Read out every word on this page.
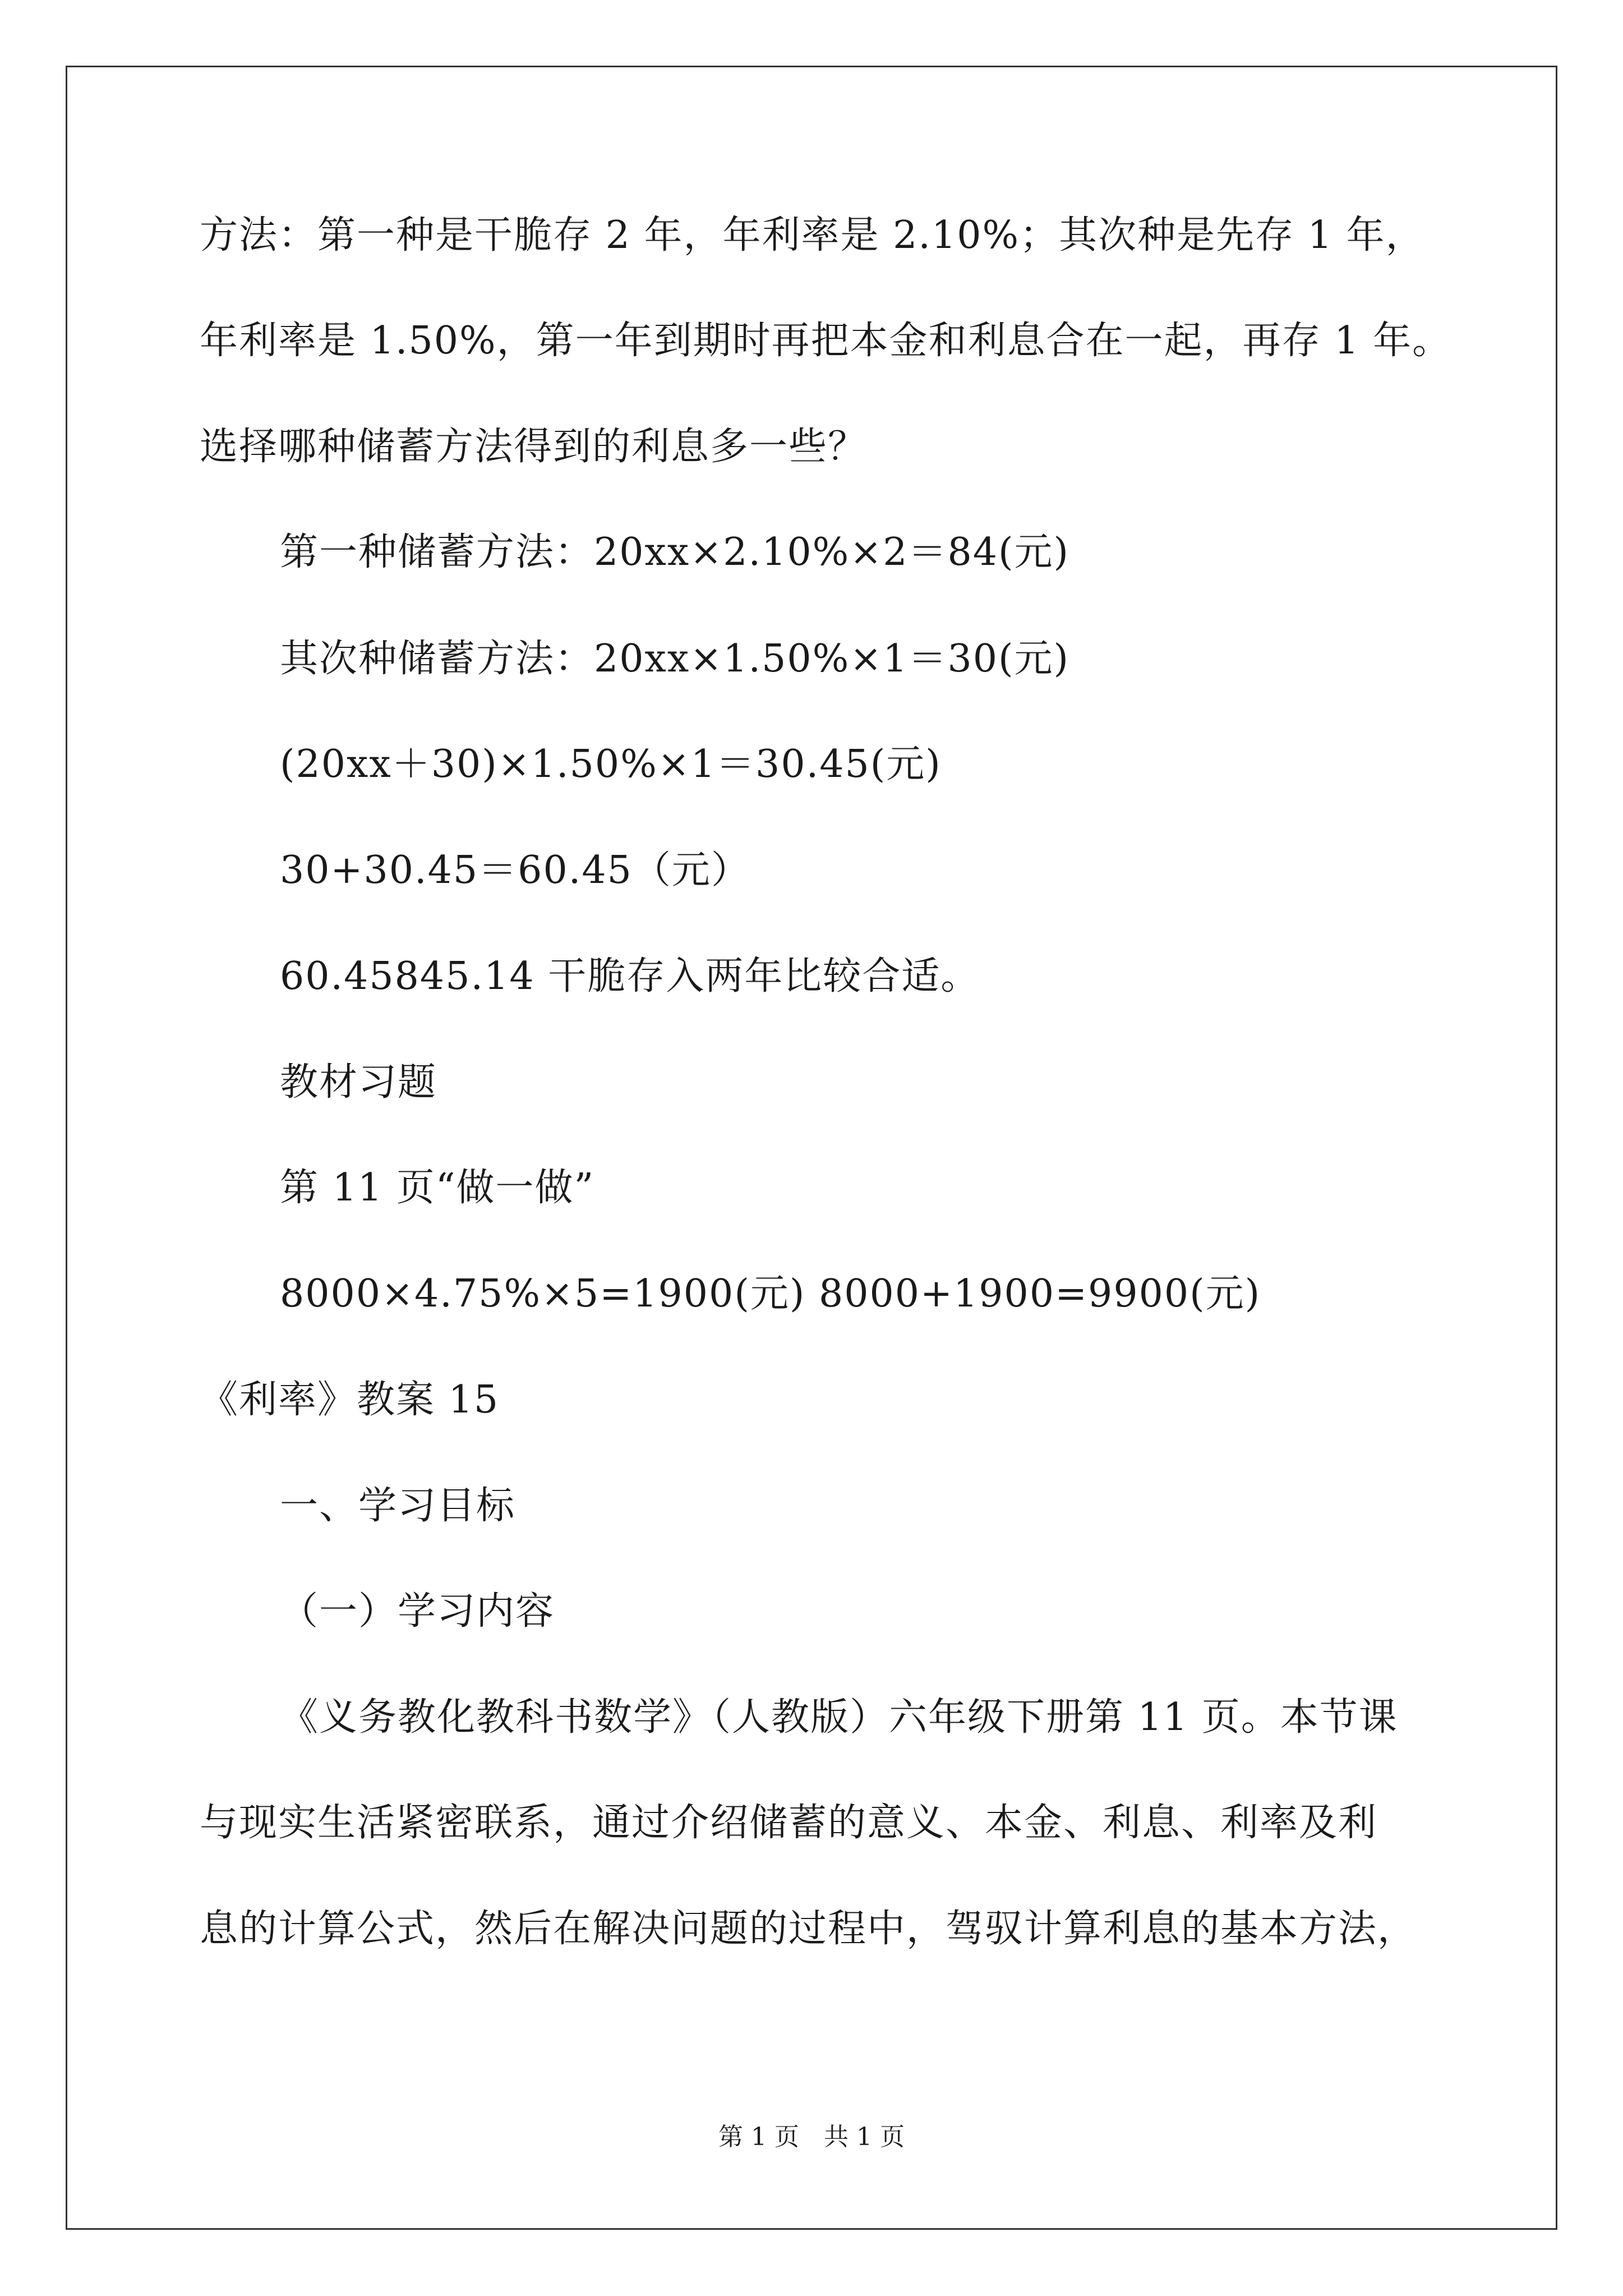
方法：第一种是干脆存 2 年，年利率是 2.10%；其次种是先存 1 年，
年利率是 1.50%，第一年到期时再把本金和利息合在一起，再存 1 年。
选择哪种储蓄方法得到的利息多一些？
第一种储蓄方法：20xx×2.10%×2＝84(元)
其次种储蓄方法：20xx×1.50%×1＝30(元)
(20xx＋30)×1.50%×1＝30.45(元)
30+30.45＝60.45（元）
60.45845.14 干脆存入两年比较合适。
教材习题
第 11 页“做一做”
8000×4.75%×5=1900(元) 8000+1900=9900(元)
《利率》教案 15
一、学习目标
（一）学习内容
《义务教化教科书数学》（人教版）六年级下册第 11 页。本节课
与现实生活紧密联系，通过介绍储蓄的意义、本金、利息、利率及利
息的计算公式，然后在解决问题的过程中，驾驭计算利息的基本方法，
第 1 页　共 1 页
